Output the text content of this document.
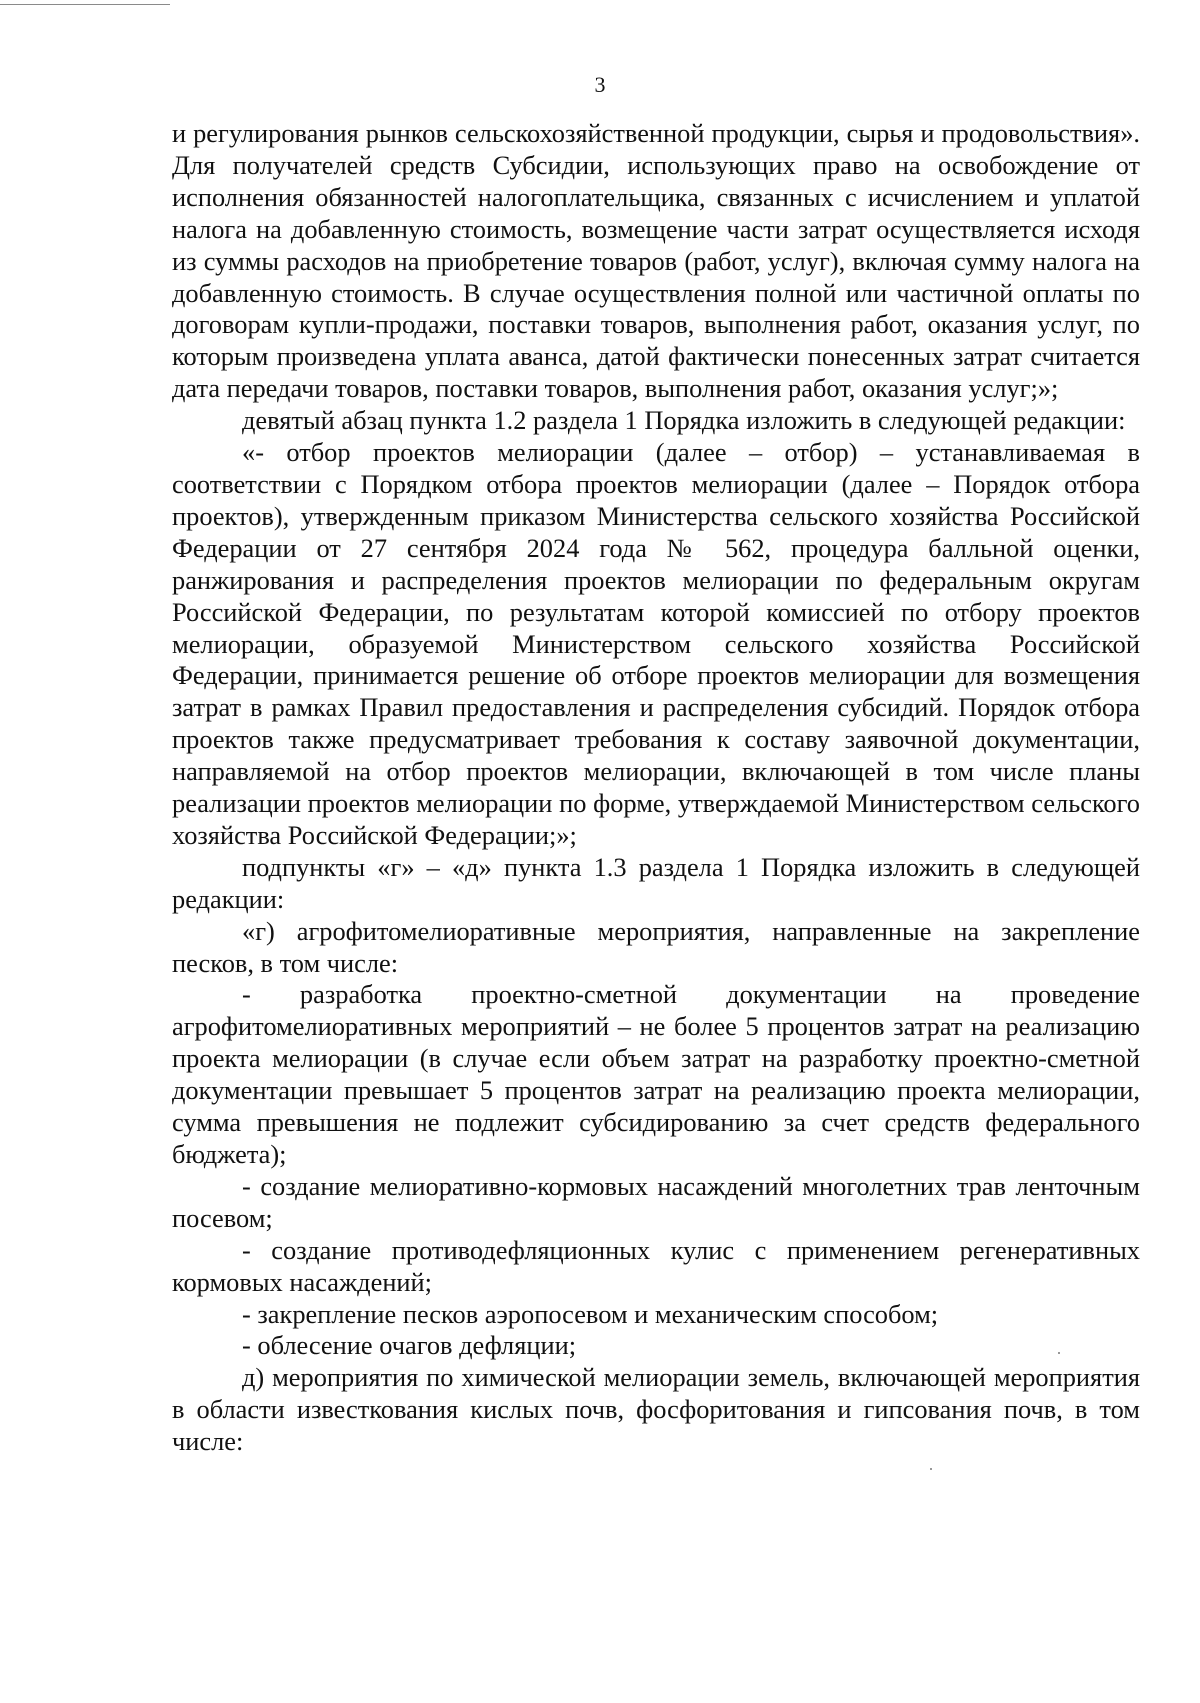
3

и регулирования рынков сельскохозяйственной продукции, сырья и продовольствия». Для получателей средств Субсидии, использующих право на освобождение от исполнения обязанностей налогоплательщика, связанных с исчислением и уплатой налога на добавленную стоимость, возмещение части затрат осуществляется исходя из суммы расходов на приобретение товаров (работ, услуг), включая сумму налога на добавленную стоимость. В случае осуществления полной или частичной оплаты по договорам купли-продажи, поставки товаров, выполнения работ, оказания услуг, по которым произведена уплата аванса, датой фактически понесенных затрат считается дата передачи товаров, поставки товаров, выполнения работ, оказания услуг;»;

девятый абзац пункта 1.2 раздела 1 Порядка изложить в следующей редакции:

«- отбор проектов мелиорации (далее – отбор) – устанавливаемая в соответствии с Порядком отбора проектов мелиорации (далее – Порядок отбора проектов), утвержденным приказом Министерства сельского хозяйства Российской Федерации от 27 сентября 2024 года № 562, процедура балльной оценки, ранжирования и распределения проектов мелиорации по федеральным округам Российской Федерации, по результатам которой комиссией по отбору проектов мелиорации, образуемой Министерством сельского хозяйства Российской Федерации, принимается решение об отборе проектов мелиорации для возмещения затрат в рамках Правил предоставления и распределения субсидий. Порядок отбора проектов также предусматривает требования к составу заявочной документации, направляемой на отбор проектов мелиорации, включающей в том числе планы реализации проектов мелиорации по форме, утверждаемой Министерством сельского хозяйства Российской Федерации;»;

подпункты «г» – «д» пункта 1.3 раздела 1 Порядка изложить в следующей редакции:

«г) агрофитомелиоративные мероприятия, направленные на закрепление песков, в том числе:

- разработка проектно-сметной документации на проведение агрофитомелиоративных мероприятий – не более 5 процентов затрат на реализацию проекта мелиорации (в случае если объем затрат на разработку проектно-сметной документации превышает 5 процентов затрат на реализацию проекта мелиорации, сумма превышения не подлежит субсидированию за счет средств федерального бюджета);

- создание мелиоративно-кормовых насаждений многолетних трав ленточным посевом;

- создание противодефляционных кулис с применением регенеративных кормовых насаждений;

- закрепление песков аэропосевом и механическим способом;

- облесение очагов дефляции;

д) мероприятия по химической мелиорации земель, включающей мероприятия в области известкования кислых почв, фосфоритования и гипсования почв, в том числе:
